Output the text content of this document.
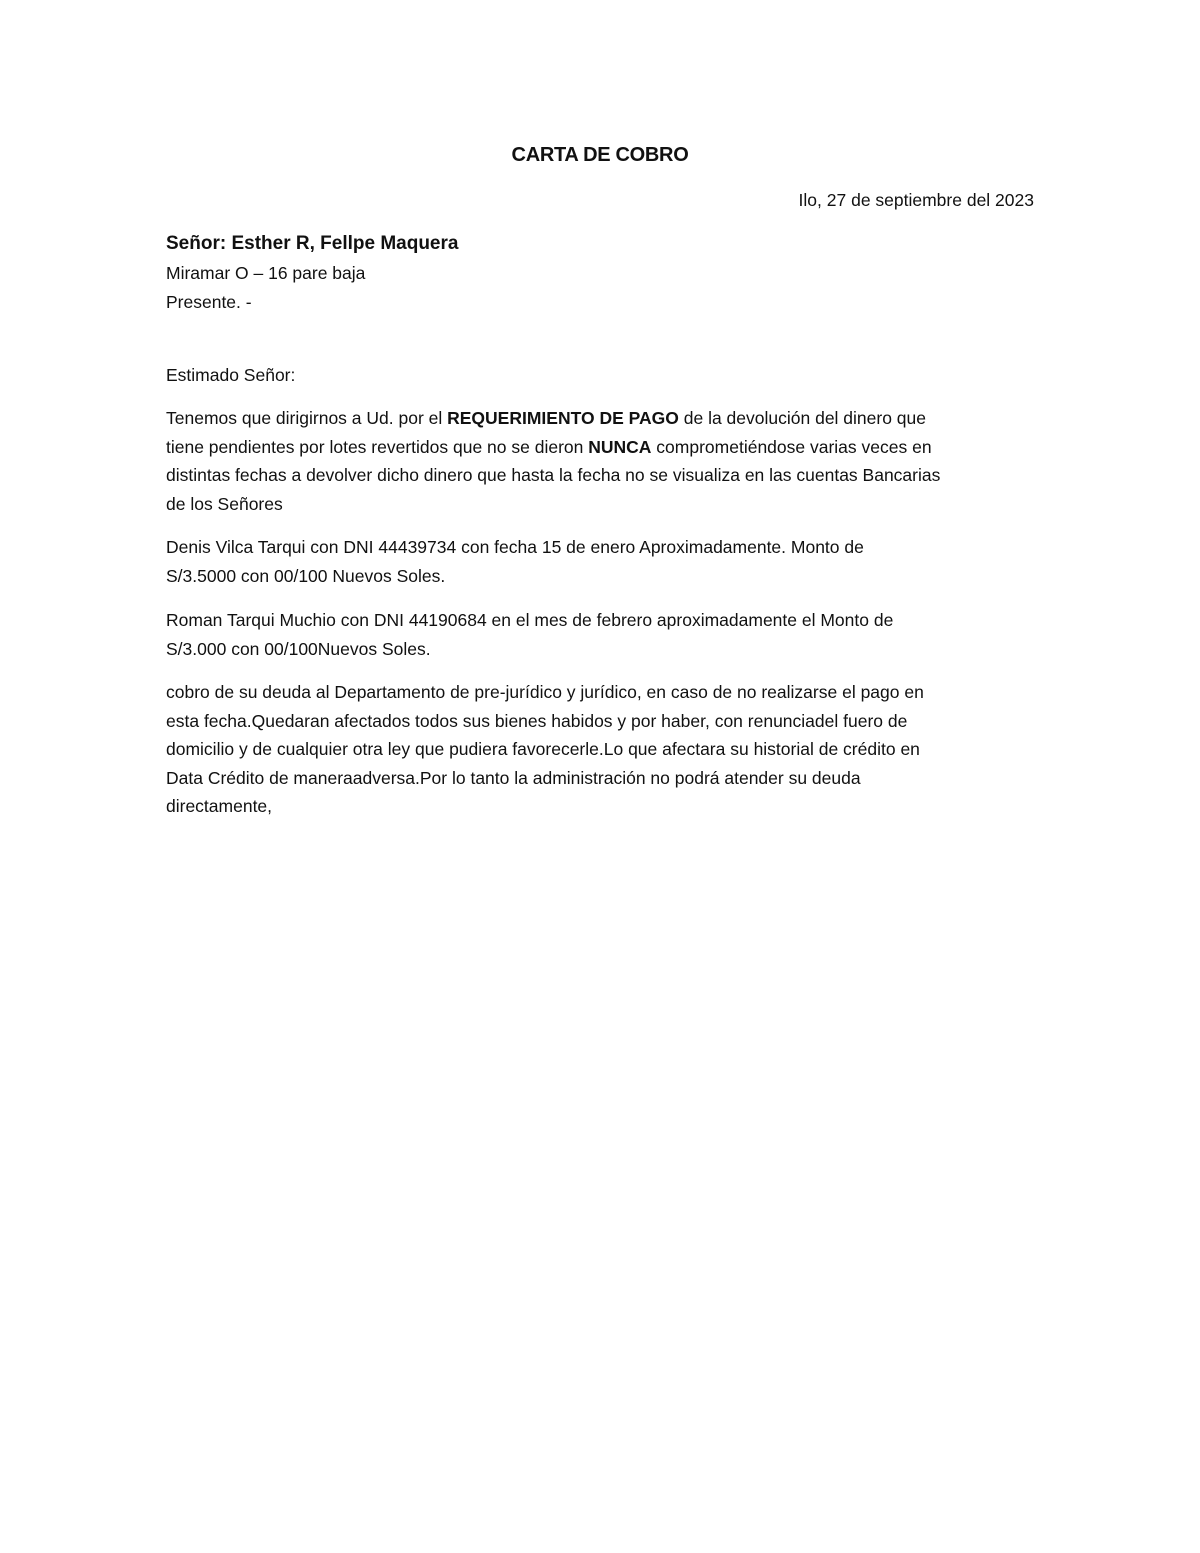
CARTA DE COBRO
Ilo, 27 de septiembre del 2023
Señor: Esther R, Fellpe Maquera
Miramar O – 16 pare baja
Presente. -
Estimado Señor:
Tenemos que dirigirnos a Ud. por el REQUERIMIENTO DE PAGO de la devolución del dinero que
tiene pendientes por lotes revertidos que no se dieron NUNCA comprometiéndose varias veces en
distintas fechas a devolver dicho dinero que hasta la fecha no se visualiza en las cuentas Bancarias
de los Señores
Denis Vilca Tarqui con DNI 44439734 con fecha 15 de enero Aproximadamente. Monto de
S/3.5000 con 00/100 Nuevos Soles.
Roman Tarqui Muchio con DNI 44190684 en el mes de febrero aproximadamente el Monto de
S/3.000 con 00/100Nuevos Soles.
cobro de su deuda al Departamento de pre-jurídico y jurídico, en caso de no realizarse el pago en
esta fecha.Quedaran afectados todos sus bienes habidos y por haber, con renunciadel fuero de
domicilio y de cualquier otra ley que pudiera favorecerle.Lo que afectara su historial de crédito en
Data Crédito de maneraadversa.Por lo tanto la administración no podrá atender su deuda
directamente,
